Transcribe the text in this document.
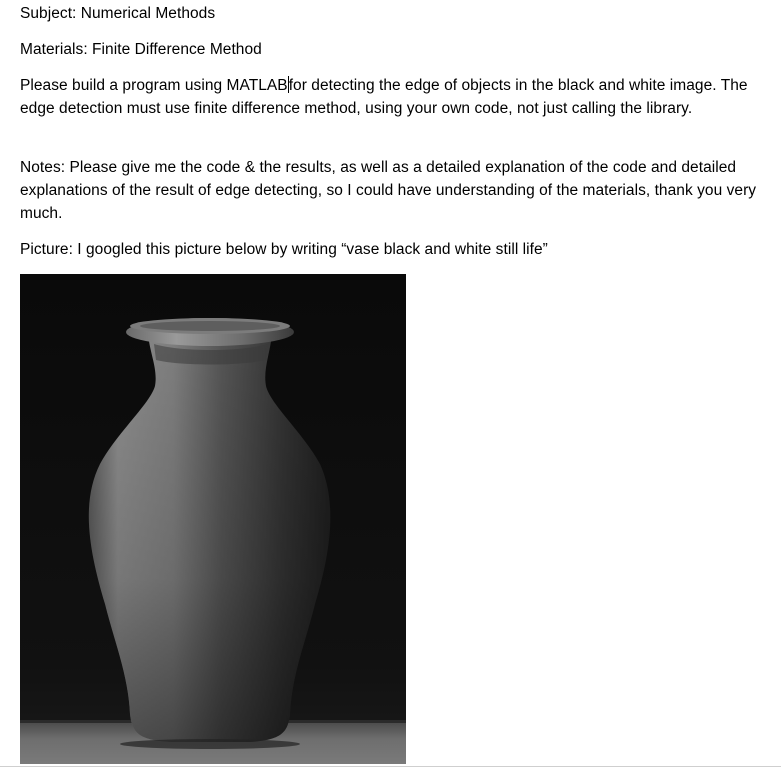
Subject: Numerical Methods

Materials: Finite Difference Method

Please build a program using MATLABfor detecting the edge of objects in the black and white image. The edge detection must use finite difference method, using your own code, not just calling the library.

Notes: Please give me the code & the results, as well as a detailed explanation of the code and detailed explanations of the result of edge detecting, so I could have understanding of the materials, thank you very much.

Picture: I googled this picture below by writing “vase black and white still life”
